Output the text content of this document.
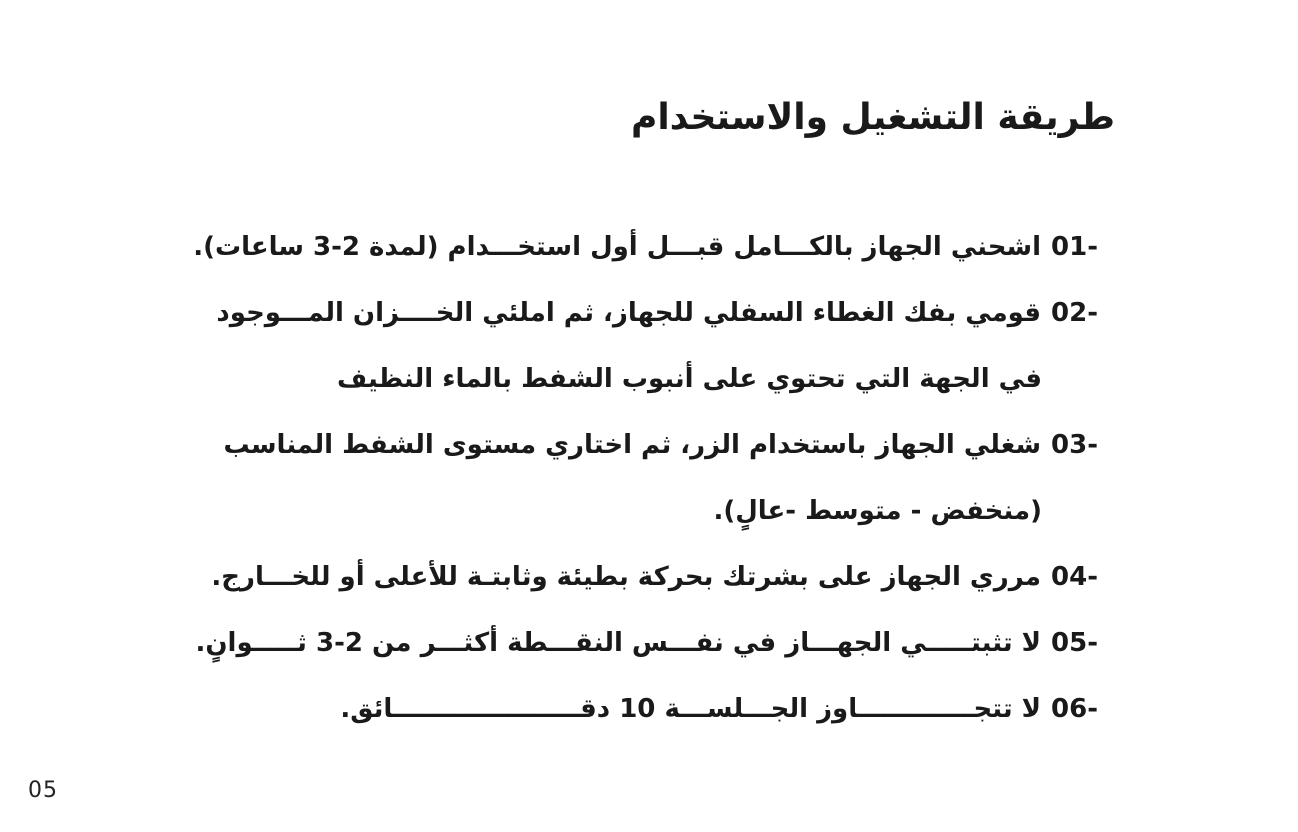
طريقة التشغيل والاستخدام
01-اشحني الجهاز بالكـــامل قبـــل أول استخـــدام (لمدة 2-3 ساعات).
02-قومي بفك الغطاء السفلي للجهاز، ثم املئي الخــــزان المـــوجود
في الجهة التي تحتوي على أنبوب الشفط بالماء النظيف
03-شغلي الجهاز باستخدام الزر، ثم اختاري مستوى الشفط المناسب
(منخفض - متوسط -عالٍ).
04-مرري الجهاز على بشرتك بحركة بطيئة وثابتـة للأعلى أو للخـــارج.
05-لا تثبتـــــي الجهـــاز في نفـــس النقـــطة أكثـــر من 2-3 ثـــــوانٍ.
06-لا تتجـــــــــــــاوز الجـــلســـة 10 دقـــــــــــــــــــــائق.
05
